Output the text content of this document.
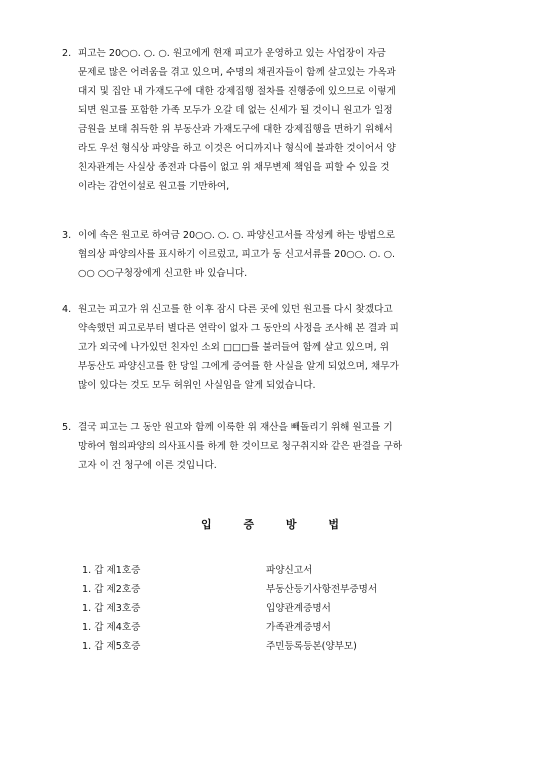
2. 피고는 20○○. ○. ○. 원고에게 현재 피고가 운영하고 있는 사업장이 자금
문제로 많은 어려움을 겪고 있으며, 수명의 채권자들이 함께 살고있는 가옥과
대지 및 집안 내 가재도구에 대한 강제집행 절차를 진행중에 있으므로 이렇게
되면 원고를 포함한 가족 모두가 오갈 데 없는 신세가 될 것이니 원고가 일정
금원을 보태 취득한 위 부동산과 가재도구에 대한 강제집행을 면하기 위해서
라도 우선 형식상 파양을 하고 이것은 어디까지나 형식에 불과한 것이어서 양
친자관계는 사실상 종전과 다름이 없고 위 채무변제 책임을 피할 수 있을 것
이라는 감언이설로 원고를 기만하여,
3. 이에 속은 원고로 하여금 20○○. ○. ○. 파양신고서를 작성케 하는 방법으로
협의상 파양의사를 표시하기 이르렀고, 피고가 동 신고서류를 20○○. ○. ○.
○○ ○○구청장에게 신고한 바 있습니다.
4. 원고는 피고가 위 신고를 한 이후 잠시 다른 곳에 있던 원고를 다시 찾겠다고
약속했던 피고로부터 별다른 연락이 없자 그 동안의 사정을 조사해 본 결과 피
고가 외국에 나가있던 친자인 소외 □□□를 불러들여 함께 살고 있으며, 위
부동산도 파양신고를 한 당일 그에게 증여를 한 사실을 알게 되었으며, 채무가
많이 있다는 것도 모두 허위인 사실임을 알게 되었습니다.
5. 결국 피고는 그 동안 원고와 함께 이룩한 위 재산을 빼돌리기 위해 원고를 기
망하여 협의파양의 의사표시를 하게 한 것이므로 청구취지와 같은 판결을 구하
고자 이 건 청구에 이른 것입니다.
입 증 방 법
1. 갑 제1호증	파양신고서
1. 갑 제2호증	부동산등기사항전부증명서
1. 갑 제3호증	입양관계증명서
1. 갑 제4호증	가족관계증명서
1. 갑 제5호증	주민등록등본(양부모)
